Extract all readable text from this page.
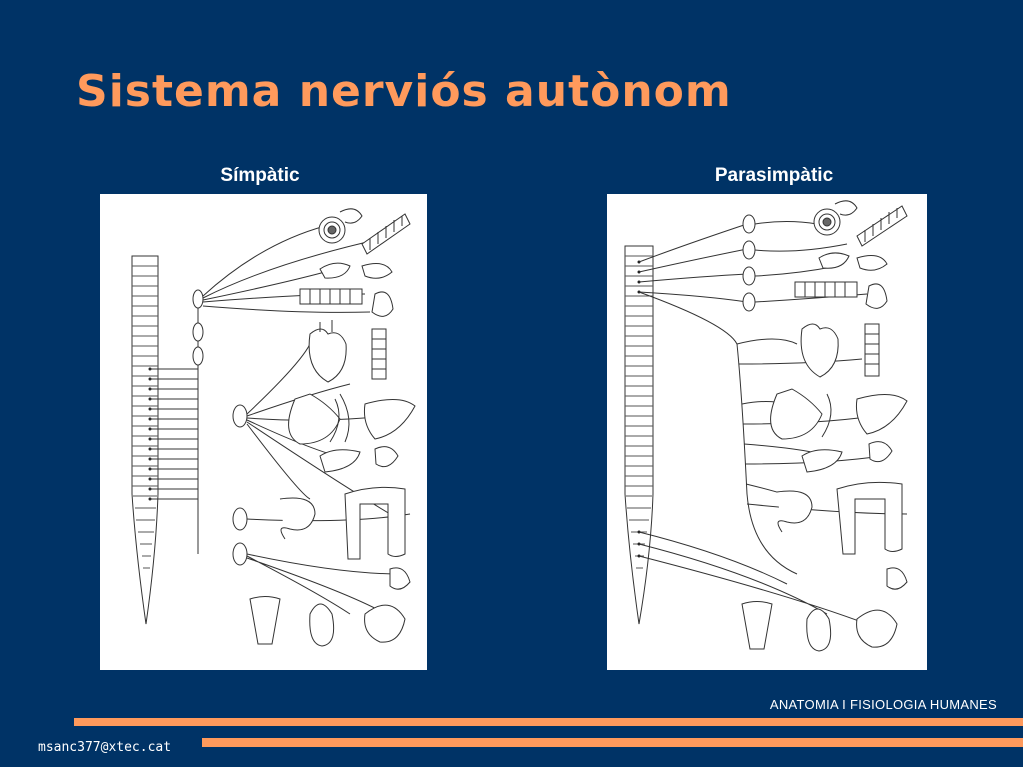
Sistema nerviós autònom
Símpàtic	Parasimpàtic
ANATOMIA I FISIOLOGIA HUMANES
msanc377@xtec.cat
